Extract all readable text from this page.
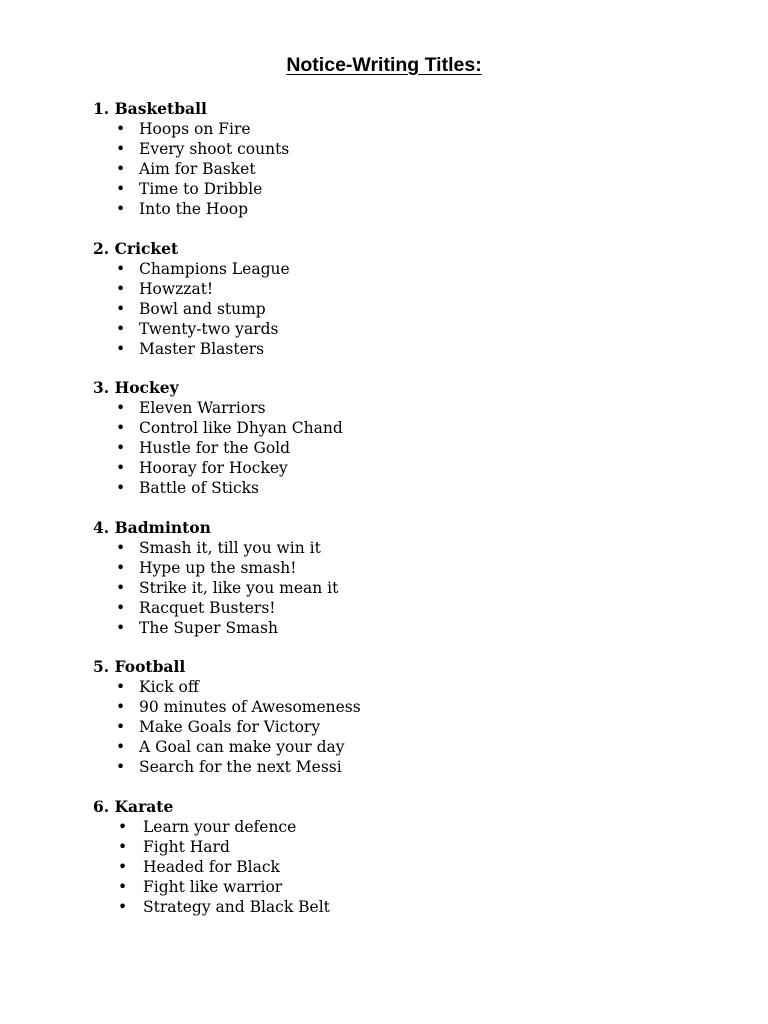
Notice-Writing Titles:
1. Basketball
• Hoops on Fire
• Every shoot counts
• Aim for Basket
• Time to Dribble
• Into the Hoop
2. Cricket
• Champions League
• Howzzat!
• Bowl and stump
• Twenty-two yards
• Master Blasters
3. Hockey
• Eleven Warriors
• Control like Dhyan Chand
• Hustle for the Gold
• Hooray for Hockey
• Battle of Sticks
4. Badminton
• Smash it, till you win it
• Hype up the smash!
• Strike it, like you mean it
• Racquet Busters!
• The Super Smash
5. Football
• Kick off
• 90 minutes of Awesomeness
• Make Goals for Victory
• A Goal can make your day
• Search for the next Messi
6. Karate
• Learn your defence
• Fight Hard
• Headed for Black
• Fight like warrior
• Strategy and Black Belt
